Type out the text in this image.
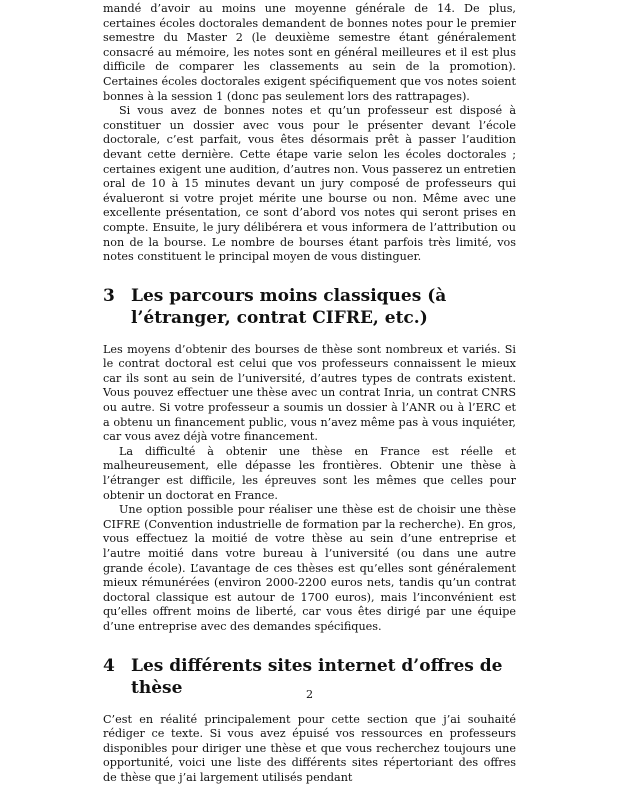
mandé d’avoir au moins une moyenne générale de 14. De plus, certaines écoles doctorales demandent de bonnes notes pour le premier semestre du Master 2 (le deuxième semestre étant généralement consacré au mémoire, les notes sont en général meilleures et il est plus difficile de comparer les classements au sein de la promotion). Certaines écoles doctorales exigent spécifiquement que vos notes soient bonnes à la session 1 (donc pas seulement lors des rattrapages).

Si vous avez de bonnes notes et qu’un professeur est disposé à constituer un dossier avec vous pour le présenter devant l’école doctorale, c’est parfait, vous êtes désormais prêt à passer l’audition devant cette dernière. Cette étape varie selon les écoles doctorales ; certaines exigent une audition, d’autres non. Vous passerez un entretien oral de 10 à 15 minutes devant un jury composé de professeurs qui évalueront si votre projet mérite une bourse ou non. Même avec une excellente présentation, ce sont d’abord vos notes qui seront prises en compte. Ensuite, le jury délibérera et vous informera de l’attribution ou non de la bourse. Le nombre de bourses étant parfois très limité, vos notes constituent le principal moyen de vous distinguer.

3 Les parcours moins classiques (à l’étranger, contrat CIFRE, etc.)

Les moyens d’obtenir des bourses de thèse sont nombreux et variés. Si le contrat doctoral est celui que vos professeurs connaissent le mieux car ils sont au sein de l’université, d’autres types de contrats existent. Vous pouvez effectuer une thèse avec un contrat Inria, un contrat CNRS ou autre. Si votre professeur a soumis un dossier à l’ANR ou à l’ERC et a obtenu un financement public, vous n’avez même pas à vous inquiéter, car vous avez déjà votre financement.

La difficulté à obtenir une thèse en France est réelle et malheureusement, elle dépasse les frontières. Obtenir une thèse à l’étranger est difficile, les épreuves sont les mêmes que celles pour obtenir un doctorat en France.

Une option possible pour réaliser une thèse est de choisir une thèse CIFRE (Convention industrielle de formation par la recherche). En gros, vous effectuez la moitié de votre thèse au sein d’une entreprise et l’autre moitié dans votre bureau à l’université (ou dans une autre grande école). L’avantage de ces thèses est qu’elles sont généralement mieux rémunérées (environ 2000-2200 euros nets, tandis qu’un contrat doctoral classique est autour de 1700 euros), mais l’inconvénient est qu’elles offrent moins de liberté, car vous êtes dirigé par une équipe d’une entreprise avec des demandes spécifiques.

4 Les différents sites internet d’offres de thèse

C’est en réalité principalement pour cette section que j’ai souhaité rédiger ce texte. Si vous avez épuisé vos ressources en professeurs disponibles pour diriger une thèse et que vous recherchez toujours une opportunité, voici une liste des différents sites répertoriant des offres de thèse que j’ai largement utilisés pendant

2
